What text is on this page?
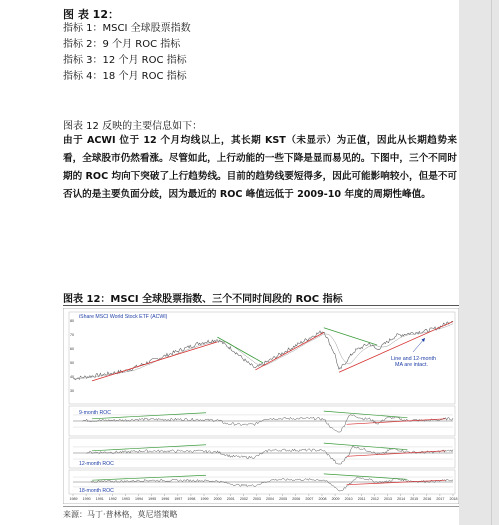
图 表 12：
指标 1：MSCI 全球股票指数
指标 2：9 个月 ROC 指标
指标 3：12 个月 ROC 指标
指标 4：18 个月 ROC 指标
图表 12 反映的主要信息如下：

由于 ACWI 位于 12 个月均线以上，其长期 KST（未显示）为正值，因此从长期趋势来看，全球股市仍然看涨。尽管如此，上行动能的一些下降是显而易见的。下图中，三个不同时期的 ROC 均向下突破了上行趋势线。目前的趋势线要短得多，因此可能影响较小，但是不可否认的是主要负面分歧，因为最近的 ROC 峰值远低于 2009-10 年度的周期性峰值。

图表 12：MSCI 全球股票指数、三个不同时间段的 ROC 指标
iShare MSCI World Stock ETF (ACWI)
80
70
60
50
40
30
Line and 12-month
MA are intact.
9-month ROC
12-month ROC
18-month ROC
1989 1990 1991 1992 1993 1994 1995 1996 1997 1998 1999 2000 2001 2002 2003 2004 2005 2006 2007 2008 2009 2010 2011 2012 2013 2014 2015 2016 2017 2018
来源：马丁·普林格，莫尼塔策略
